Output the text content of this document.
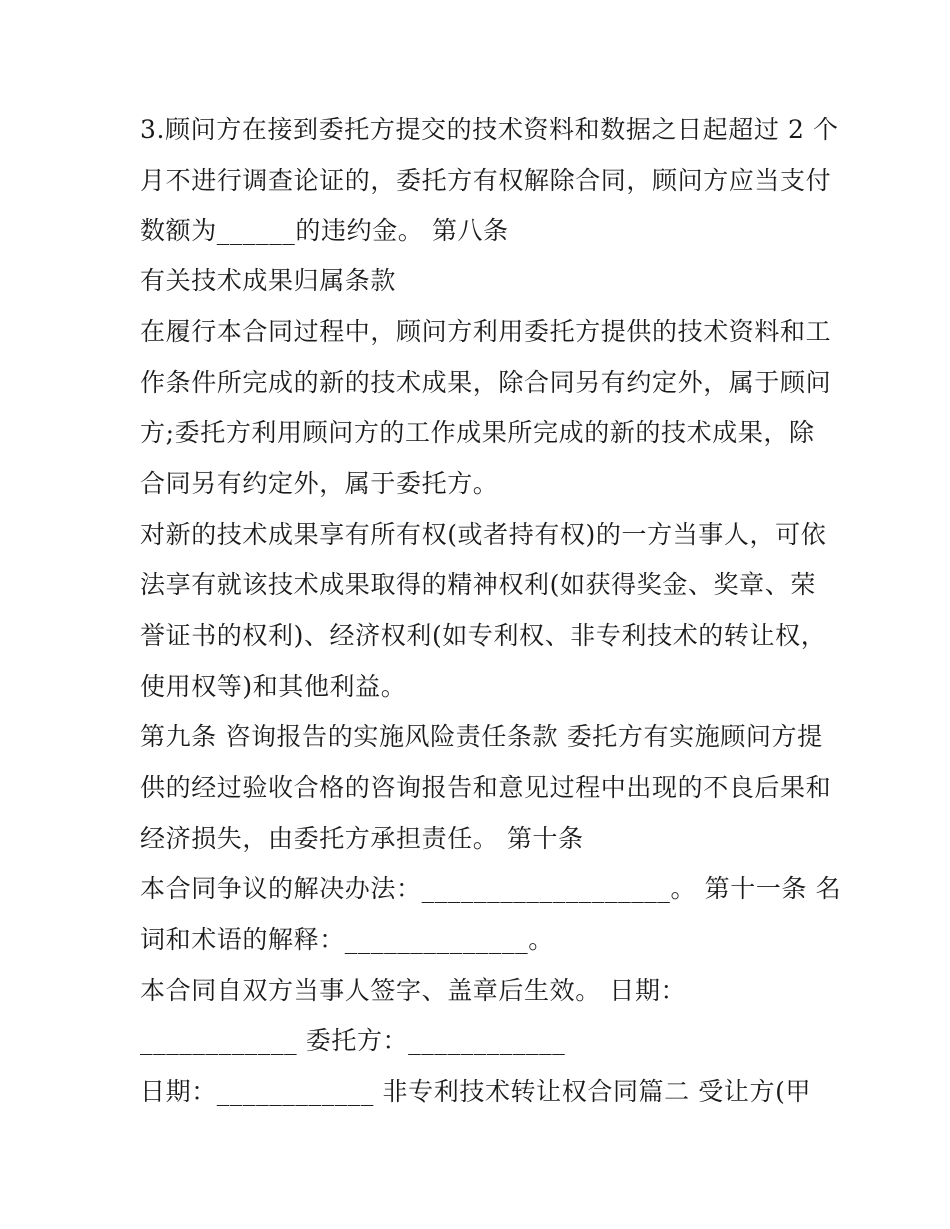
3.顾问方在接到委托方提交的技术资料和数据之日起超过 2 个
月不进行调查论证的，委托方有权解除合同，顾问方应当支付
数额为______的违约金。 第八条
有关技术成果归属条款
在履行本合同过程中，顾问方利用委托方提供的技术资料和工
作条件所完成的新的技术成果，除合同另有约定外，属于顾问
方;委托方利用顾问方的工作成果所完成的新的技术成果，除
合同另有约定外，属于委托方。
对新的技术成果享有所有权(或者持有权)的一方当事人，可依
法享有就该技术成果取得的精神权利(如获得奖金、奖章、荣
誉证书的权利)、经济权利(如专利权、非专利技术的转让权，
使用权等)和其他利益。
第九条 咨询报告的实施风险责任条款 委托方有实施顾问方提
供的经过验收合格的咨询报告和意见过程中出现的不良后果和
经济损失，由委托方承担责任。 第十条
本合同争议的解决办法：___________________。 第十一条 名
词和术语的解释：______________。
本合同自双方当事人签字、盖章后生效。 日期：
____________ 委托方：____________
日期：____________ 非专利技术转让权合同篇二 受让方(甲
